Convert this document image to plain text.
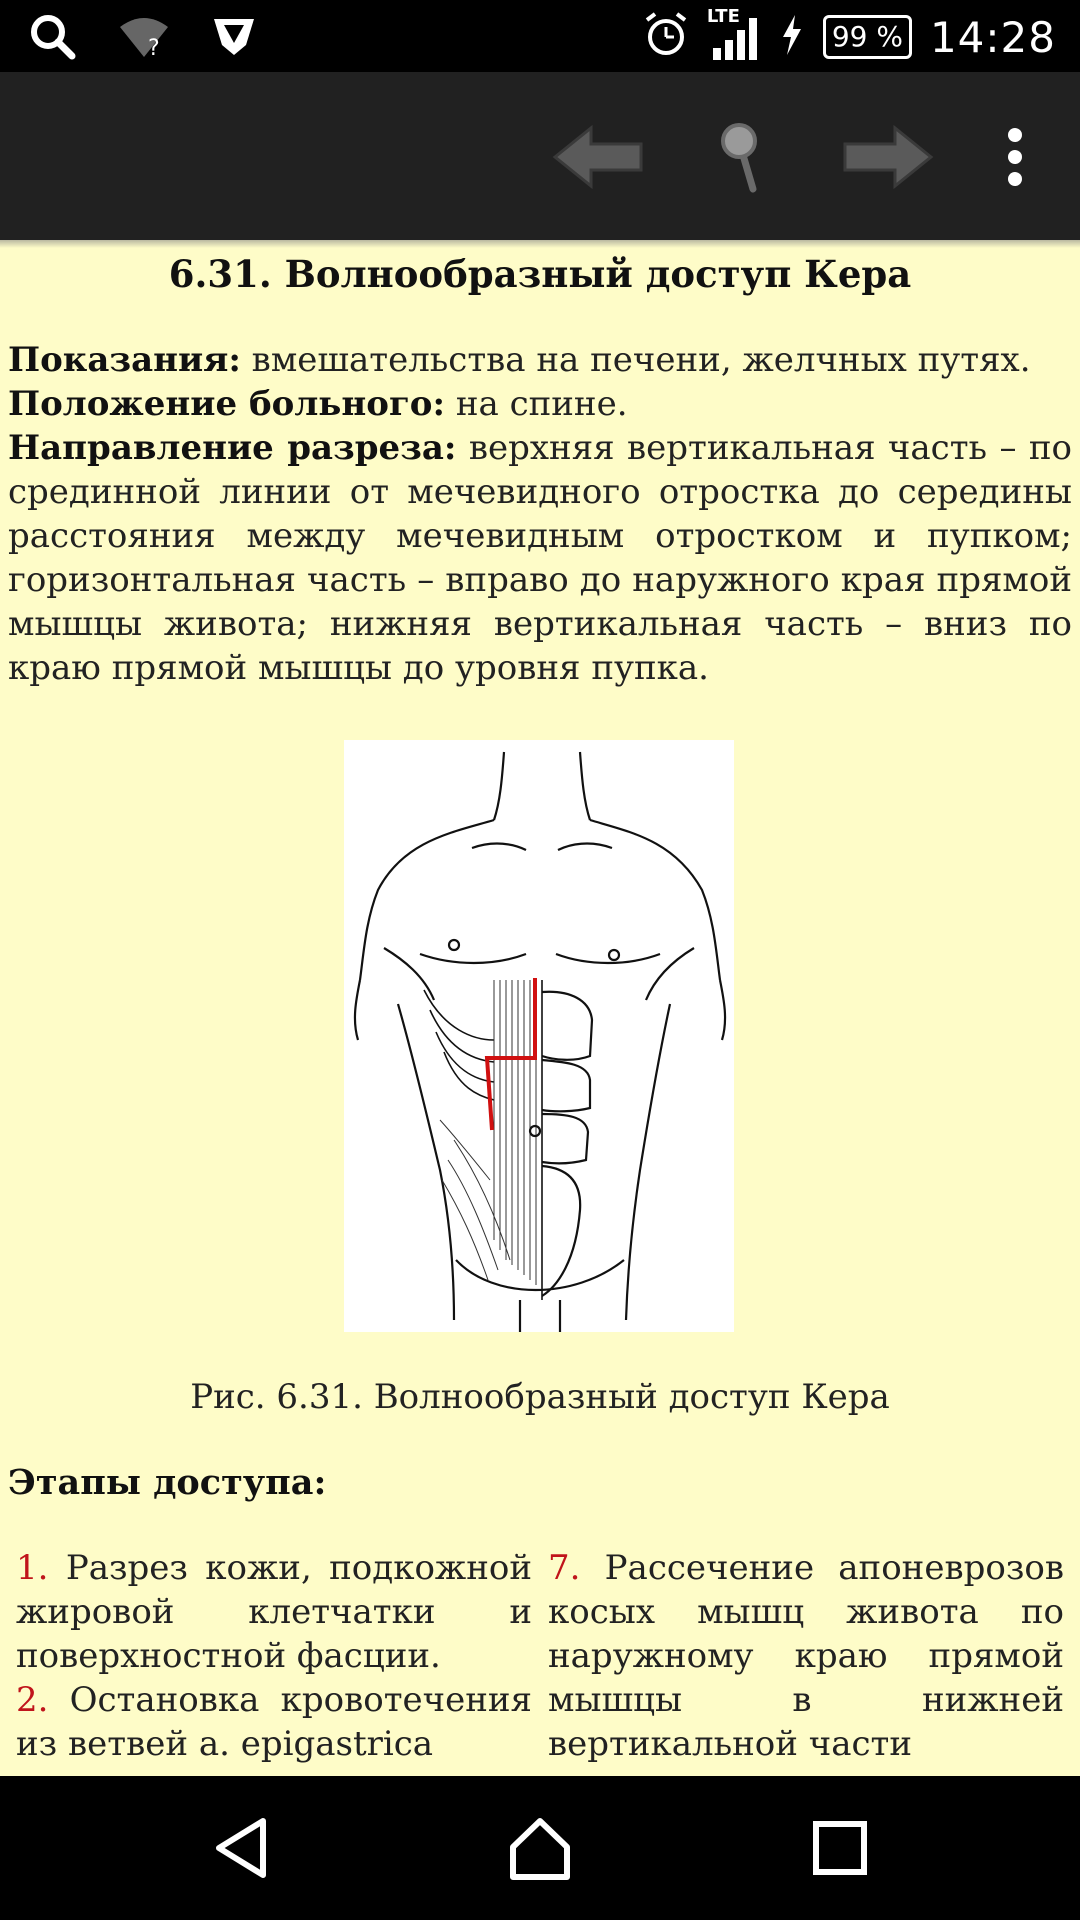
?
LTE
99 % 14:28
6.31. Волнообразный доступ Кера

Показания: вмешательства на печени, желчных путях.

Положение больного: на спине.

Направление разреза: верхняя вертикальная часть – по срединной линии от мечевидного отростка до середины расстояния между мечевидным отростком и пупком; горизонтальная часть – вправо до наружного края прямой мышцы живота; нижняя вертикальная часть – вниз по краю прямой мышцы до уровня пупка.

Рис. 6.31. Волнообразный доступ Кера
Этапы доступа:

1. Разрез кожи, подкожной жировой клетчатки и поверхностной фасции.

2. Остановка кровотечения из ветвей а. epigastrica

7. Рассечение апоневрозов косых мышц живота по наружному краю прямой мышцы в нижней вертикальной части
